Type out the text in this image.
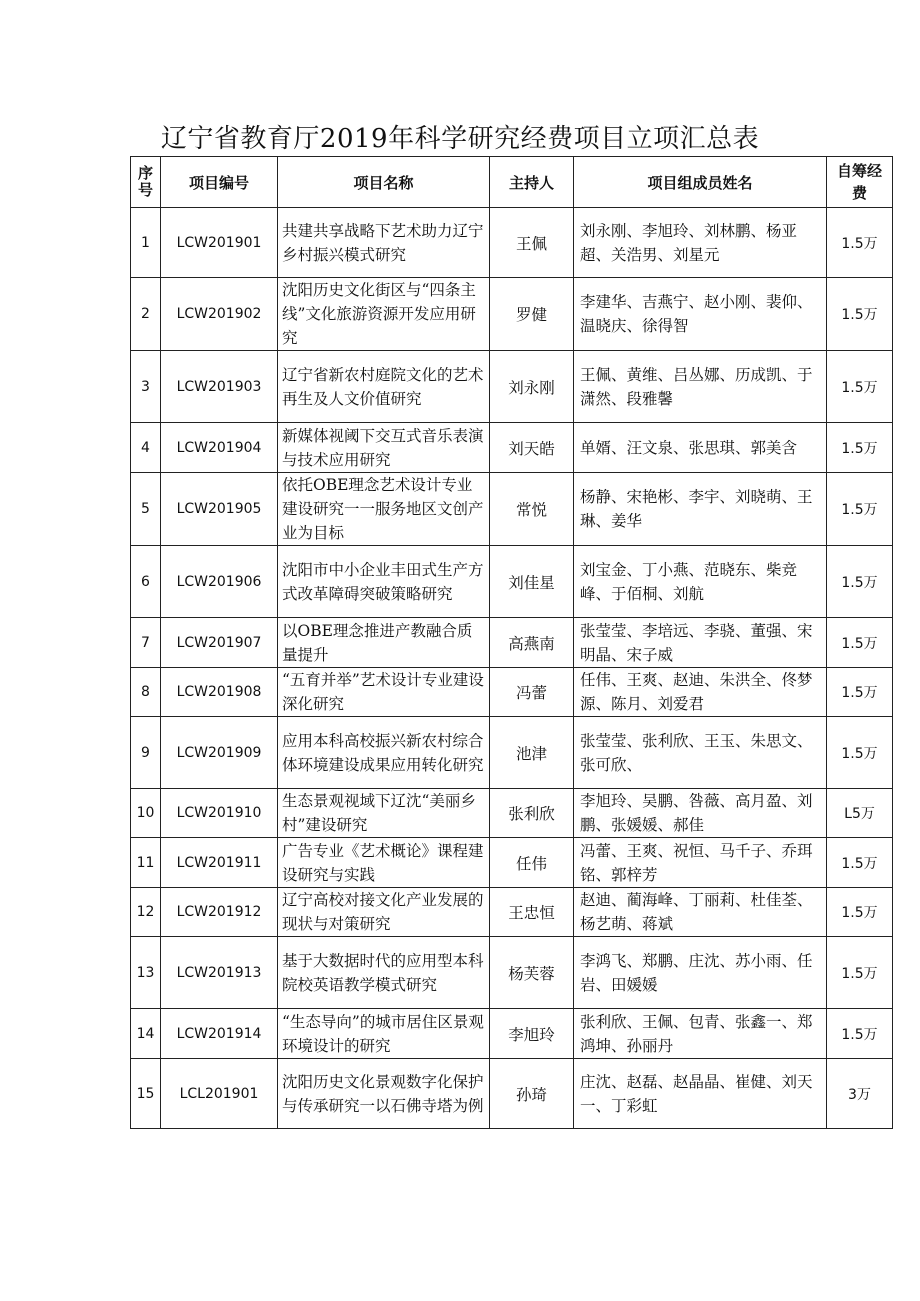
辽宁省教育厅2019年科学研究经费项目立项汇总表
序号	项目编号	项目名称	主持人	项目组成员姓名	自筹经费
1	LCW201901	共建共享战略下艺术助力辽宁乡村振兴模式研究	王佩	刘永刚、李旭玲、刘林鹏、杨亚超、关浩男、刘星元	1.5万
2	LCW201902	沈阳历史文化街区与“四条主线”文化旅游资源开发应用研究	罗健	李建华、吉燕宁、赵小刚、裴仰、温晓庆、徐得智	1.5万
3	LCW201903	辽宁省新农村庭院文化的艺术再生及人文价值研究	刘永刚	王佩、黄维、吕丛娜、历成凯、于潇然、段雅馨	1.5万
4	LCW201904	新媒体视阈下交互式音乐表演与技术应用研究	刘天皓	单婿、汪文泉、张思琪、郭美含	1.5万
5	LCW201905	依托OBE理念艺术设计专业建设研究一一服务地区文创产业为目标	常悦	杨静、宋艳彬、李宇、刘晓萌、王琳、姜华	1.5万
6	LCW201906	沈阳市中小企业丰田式生产方式改革障碍突破策略研究	刘佳星	刘宝金、丁小燕、范晓东、柴竞峰、于佰桐、刘航	1.5万
7	LCW201907	以OBE理念推进产教融合质量提升	高燕南	张莹莹、李培远、李骁、董强、宋明晶、宋子威	1.5万
8	LCW201908	“五育并举”艺术设计专业建设深化研究	冯蕾	任伟、王爽、赵迪、朱洪全、佟梦源、陈月、刘爱君	1.5万
9	LCW201909	应用本科高校振兴新农村综合体环境建设成果应用转化研究	池津	张莹莹、张利欣、王玉、朱思文、张可欣、	1.5万
10	LCW201910	生态景观视域下辽沈“美丽乡村”建设研究	张利欣	李旭玲、吴鹏、咎薇、高月盈、刘鹏、张媛媛、郝佳	L5万
11	LCW201911	广告专业《艺术概论》课程建设研究与实践	任伟	冯蕾、王爽、祝恒、马千子、乔珥铭、郭梓芳	1.5万
12	LCW201912	辽宁高校对接文化产业发展的现状与对策研究	王忠恒	赵迪、蔺海峰、丁丽莉、杜佳荃、杨艺萌、蒋斌	1.5万
13	LCW201913	基于大数据时代的应用型本科院校英语教学模式研究	杨芙蓉	李鸿飞、郑鹏、庄沈、苏小雨、任岩、田媛媛	1.5万
14	LCW201914	“生态导向”的城市居住区景观环境设计的研究	李旭玲	张利欣、王佩、包青、张鑫一、郑鸿坤、孙丽丹	1.5万
15	LCL201901	沈阳历史文化景观数字化保护与传承研究一以石佛寺塔为例	孙琦	庄沈、赵磊、赵晶晶、崔健、刘天一、丁彩虹	3万
